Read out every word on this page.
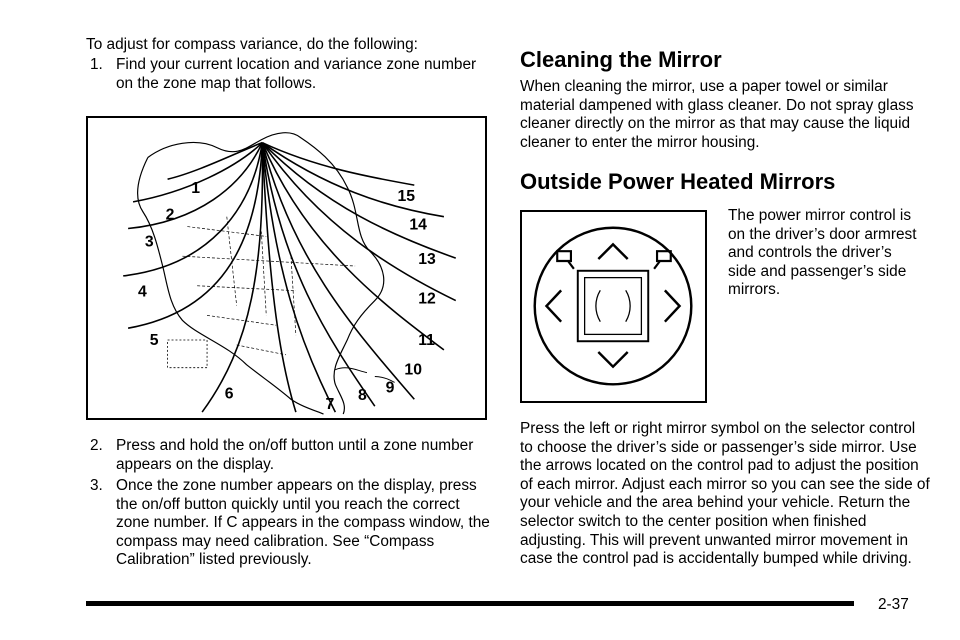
To adjust for compass variance, do the following:
1. Find your current location and variance zone number on the zone map that follows.
1
2
3
4
5
6
7
8 9
10
11
12
13
14
15
2. Press and hold the on/off button until a zone number appears on the display.
3. Once the zone number appears on the display, press the on/off button quickly until you reach the correct zone number. If C appears in the compass window, the compass may need calibration. See “Compass Calibration” listed previously.
Cleaning the Mirror
When cleaning the mirror, use a paper towel or similar material dampened with glass cleaner. Do not spray glass cleaner directly on the mirror as that may cause the liquid cleaner to enter the mirror housing.
Outside Power Heated Mirrors
The power mirror control is on the driver’s door armrest and controls the driver’s side and passenger’s side mirrors.
Press the left or right mirror symbol on the selector control to choose the driver’s side or passenger’s side mirror. Use the arrows located on the control pad to adjust the position of each mirror. Adjust each mirror so you can see the side of your vehicle and the area behind your vehicle. Return the selector switch to the center position when finished adjusting. This will prevent unwanted mirror movement in case the control pad is accidentally bumped while driving.
2-37
